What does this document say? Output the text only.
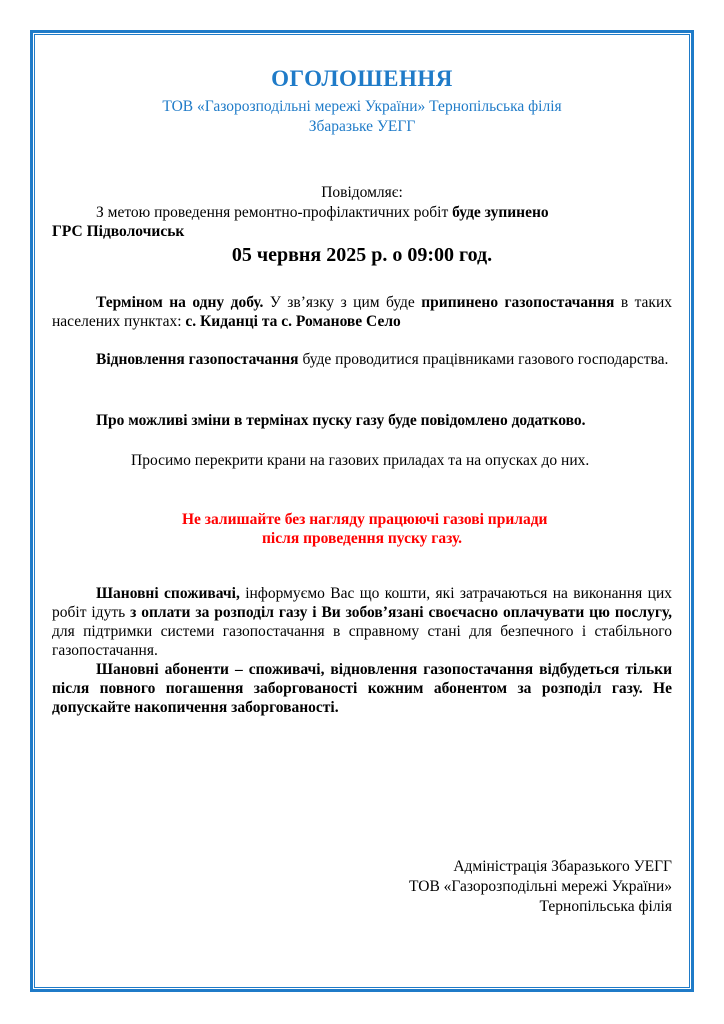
ОГОЛОШЕННЯ
ТОВ «Газорозподільні мережі України» Тернопільська філія
Збаразьке УЕГГ
Повідомляє:
З метою проведення ремонтно-профілактичних робіт буде зупинено
ГРС Підволочиськ
05 червня 2025 р. о 09:00 год.
Терміном на одну добу. У зв’язку з цим буде припинено газопостачання в таких населених пунктах: с. Киданці та с. Романове Село
Відновлення газопостачання буде проводитися працівниками газового господарства.
Про можливі зміни в термінах пуску газу буде повідомлено додатково.
Просимо перекрити крани на газових приладах та на опусках до них.
Не залишайте без нагляду працюючі газові прилади
після проведення пуску газу.
Шановні споживачі, інформуємо Вас що кошти, які затрачаються на виконання цих робіт ідуть з оплати за розподіл газу і Ви зобов’язані своєчасно оплачувати цю послугу, для підтримки системи газопостачання в справному стані для безпечного і стабільного газопостачання.
Шановні абоненти – споживачі, відновлення газопостачання відбудеться тільки після повного погашення заборгованості кожним абонентом за розподіл газу. Не допускайте накопичення заборгованості.
Адміністрація Збаразького УЕГГ
ТОВ «Газорозподільні мережі України»
Тернопільська філія
